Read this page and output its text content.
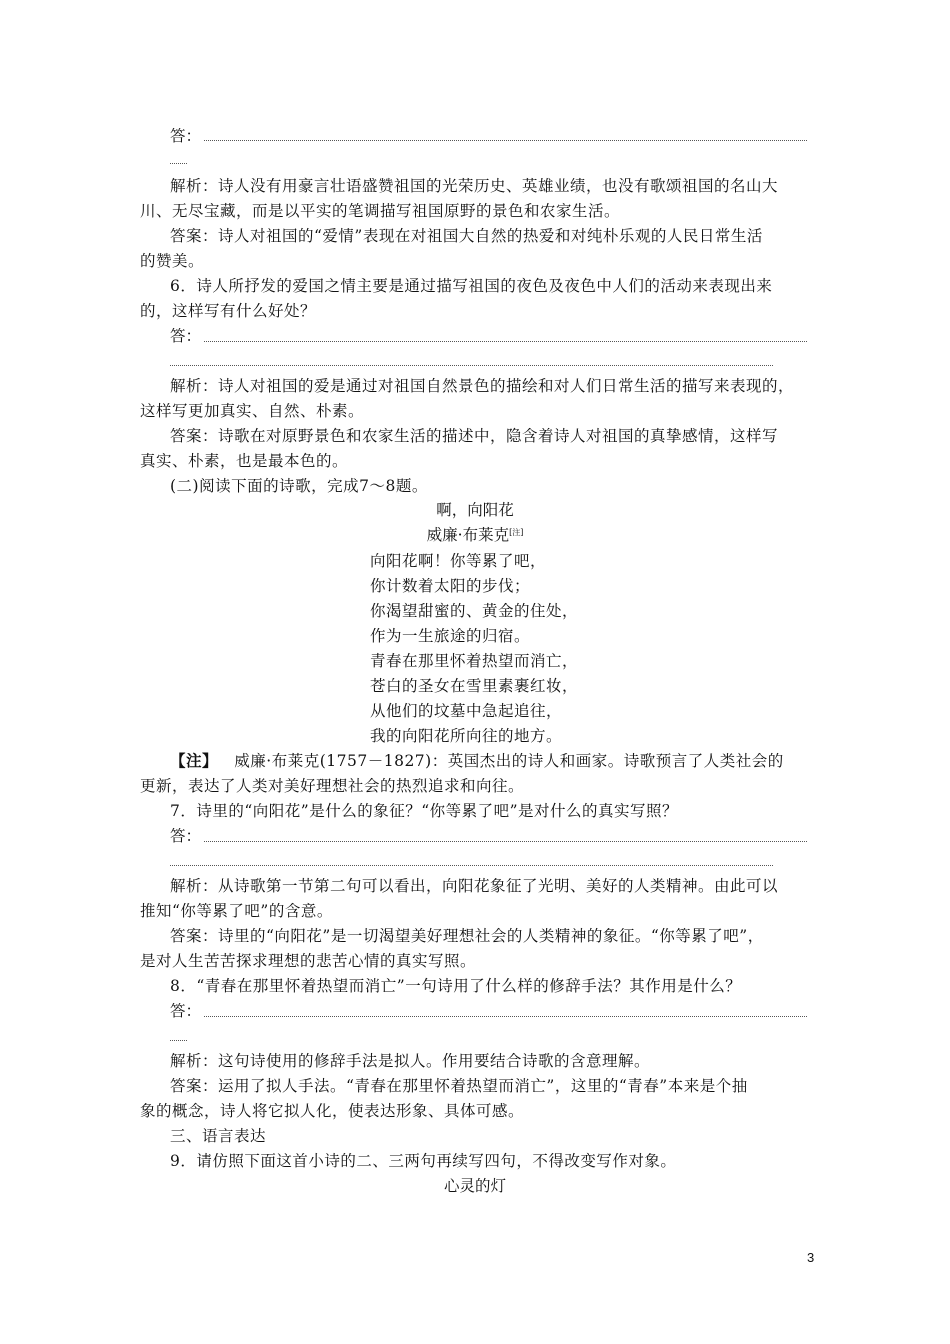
答：
解析：诗人没有用豪言壮语盛赞祖国的光荣历史、英雄业绩，也没有歌颂祖国的名山大
川、无尽宝藏，而是以平实的笔调描写祖国原野的景色和农家生活。
答案：诗人对祖国的“爱情”表现在对祖国大自然的热爱和对纯朴乐观的人民日常生活
的赞美。
6．诗人所抒发的爱国之情主要是通过描写祖国的夜色及夜色中人们的活动来表现出来
的，这样写有什么好处？
答：
解析：诗人对祖国的爱是通过对祖国自然景色的描绘和对人们日常生活的描写来表现的，
这样写更加真实、自然、朴素。
答案：诗歌在对原野景色和农家生活的描述中，隐含着诗人对祖国的真挚感情，这样写
真实、朴素，也是最本色的。
(二)阅读下面的诗歌，完成7～8题。
啊，向阳花
威廉·布莱克[注]
向阳花啊！你等累了吧，
你计数着太阳的步伐；
你渴望甜蜜的、黄金的住处，
作为一生旅途的归宿。
青春在那里怀着热望而消亡，
苍白的圣女在雪里素裹红妆，
从他们的坟墓中急起追往，
我的向阳花所向往的地方。
【注】 威廉·布莱克(1757－1827)：英国杰出的诗人和画家。诗歌预言了人类社会的
更新，表达了人类对美好理想社会的热烈追求和向往。
7．诗里的“向阳花”是什么的象征？“你等累了吧”是对什么的真实写照？
答：
解析：从诗歌第一节第二句可以看出，向阳花象征了光明、美好的人类精神。由此可以
推知“你等累了吧”的含意。
答案：诗里的“向阳花”是一切渴望美好理想社会的人类精神的象征。“你等累了吧”，
是对人生苦苦探求理想的悲苦心情的真实写照。
8．“青春在那里怀着热望而消亡”一句诗用了什么样的修辞手法？其作用是什么？
答：
解析：这句诗使用的修辞手法是拟人。作用要结合诗歌的含意理解。
答案：运用了拟人手法。“青春在那里怀着热望而消亡”，这里的“青春”本来是个抽
象的概念，诗人将它拟人化，使表达形象、具体可感。
三、语言表达
9．请仿照下面这首小诗的二、三两句再续写四句，不得改变写作对象。
心灵的灯
3
